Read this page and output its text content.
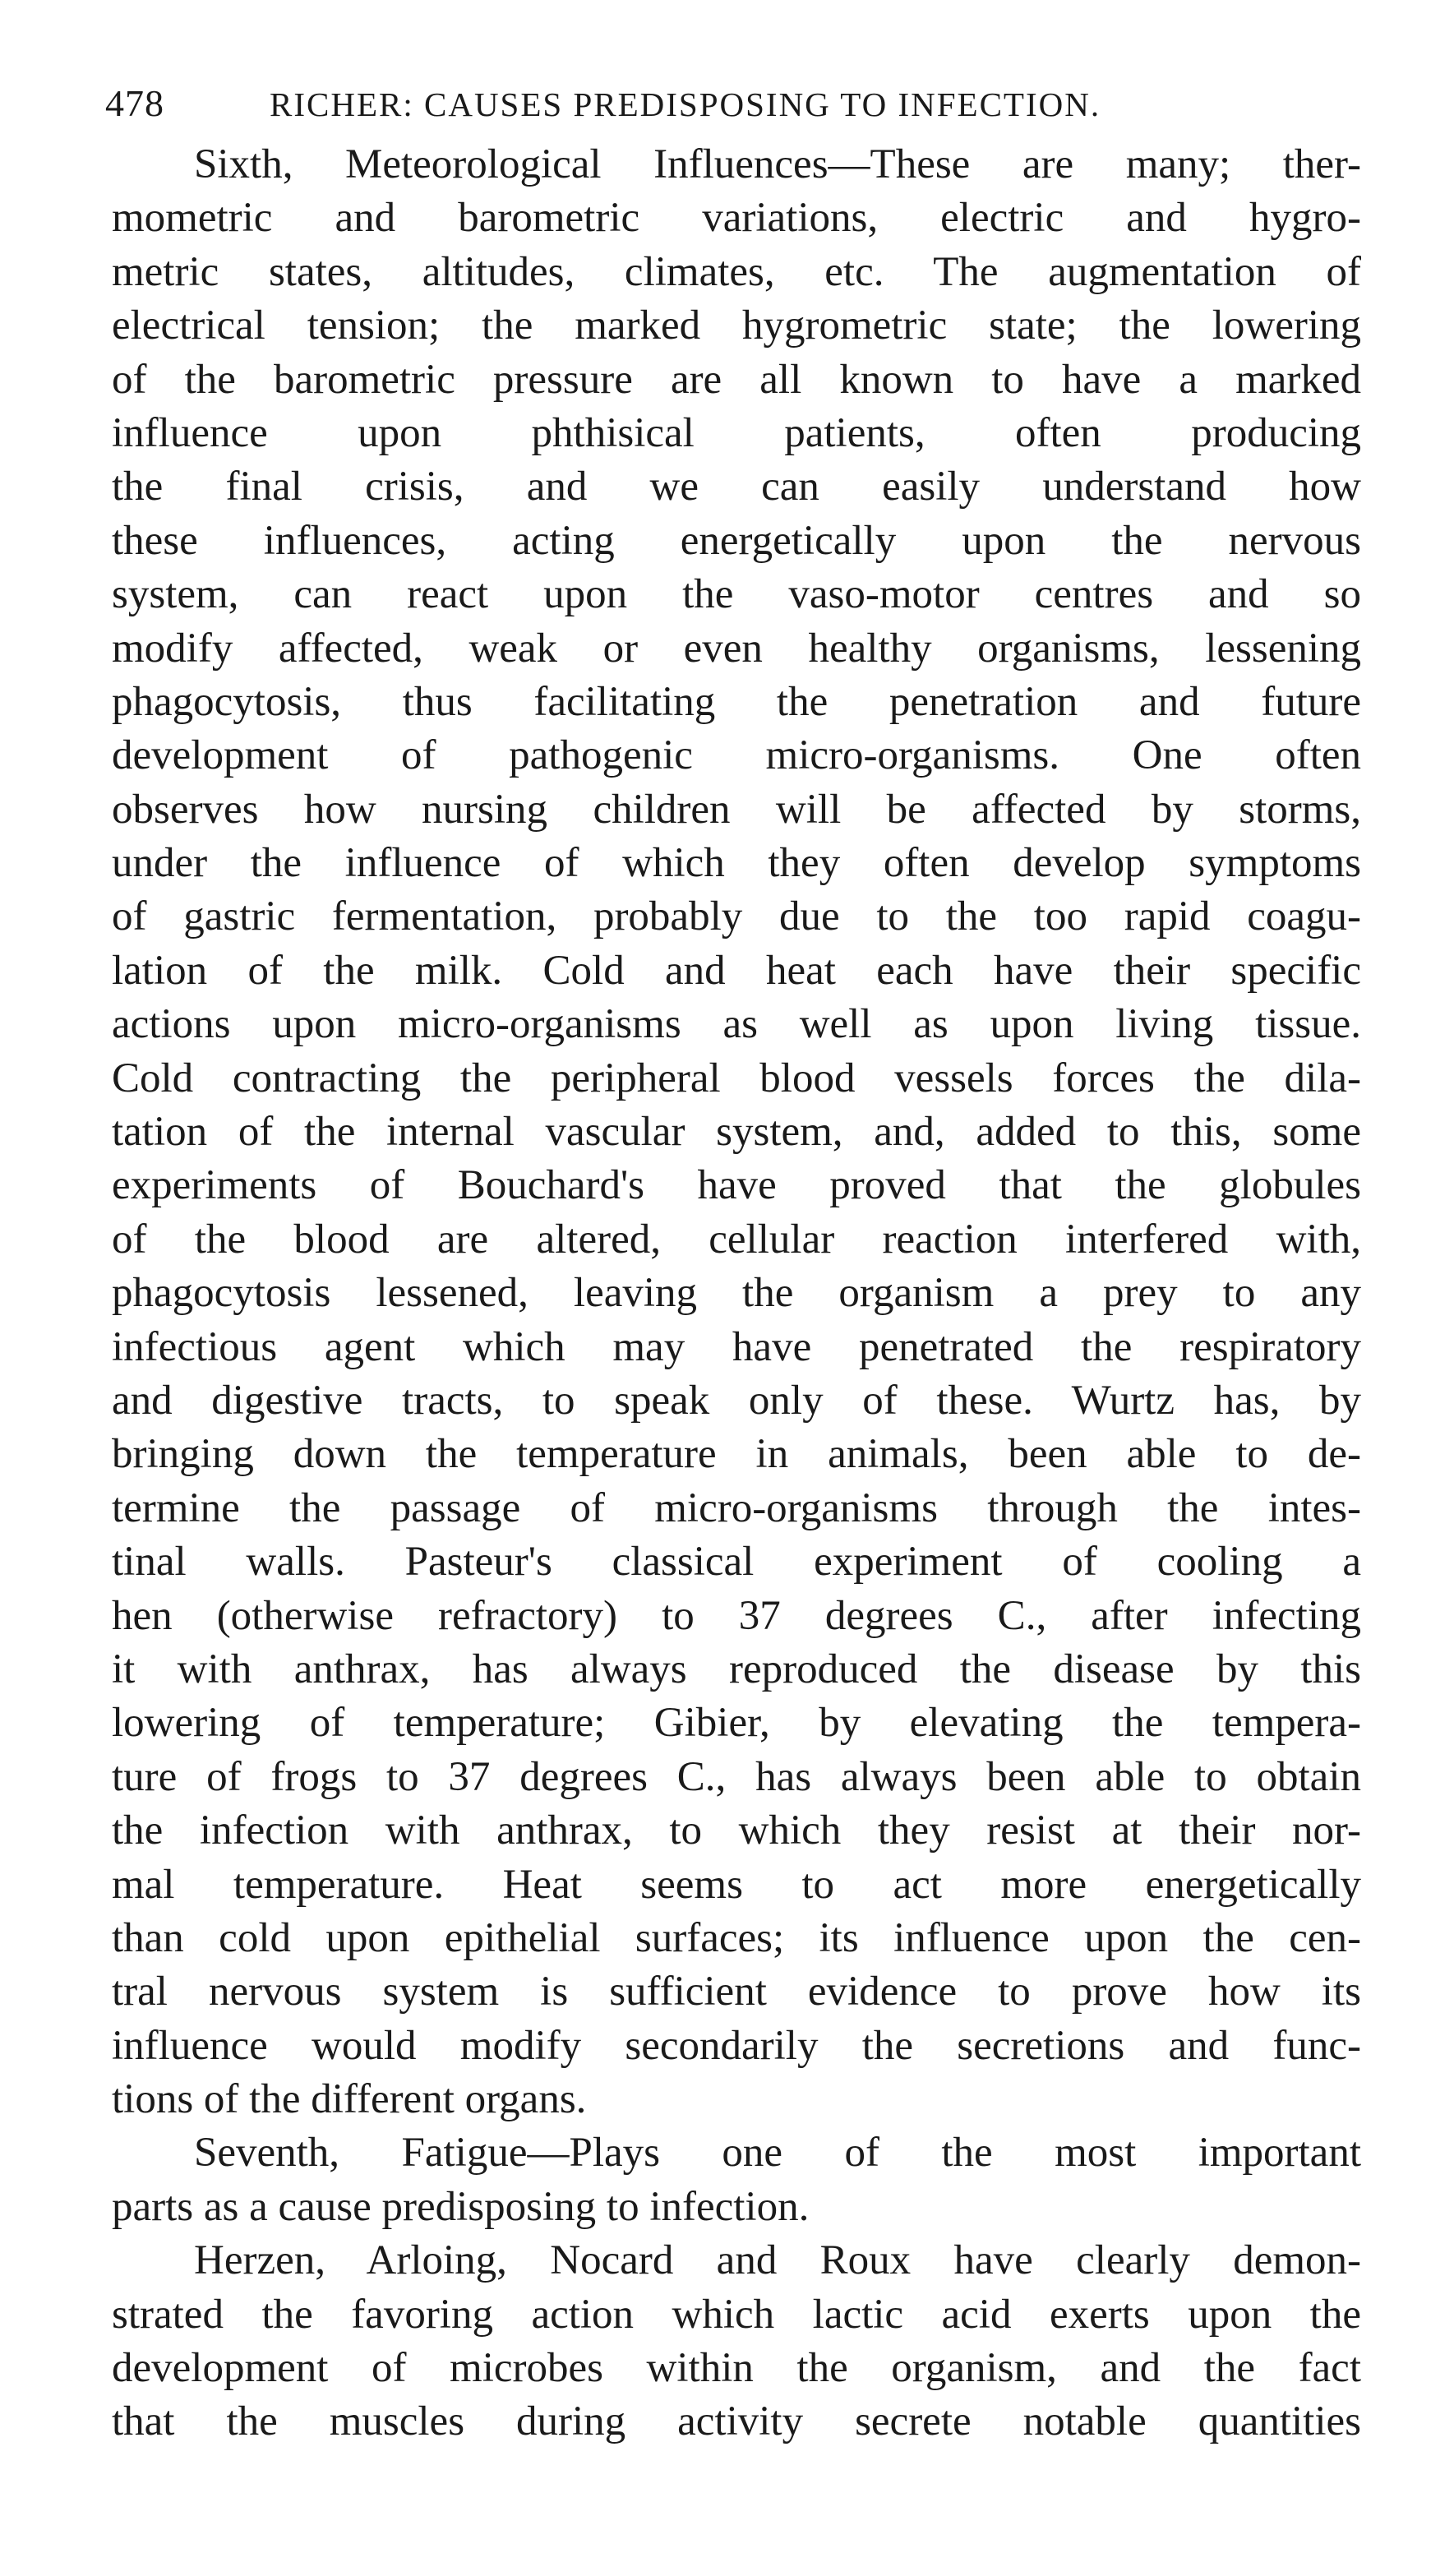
478	RICHER: CAUSES PREDISPOSING TO INFECTION.
Sixth, Meteorological Influences—These are many; ther-
mometric and barometric variations, electric and hygro-
metric states, altitudes, climates, etc. The augmentation of
electrical tension; the marked hygrometric state; the lowering
of the barometric pressure are all known to have a marked
influence upon phthisical patients, often producing
the final crisis, and we can easily understand how
these influences, acting energetically upon the nervous
system, can react upon the vaso-motor centres and so
modify affected, weak or even healthy organisms, lessening
phagocytosis, thus facilitating the penetration and future
development of pathogenic micro-organisms. One often
observes how nursing children will be affected by storms,
under the influence of which they often develop symptoms
of gastric fermentation, probably due to the too rapid coagu-
lation of the milk. Cold and heat each have their specific
actions upon micro-organisms as well as upon living tissue.
Cold contracting the peripheral blood vessels forces the dila-
tation of the internal vascular system, and, added to this, some
experiments of Bouchard's have proved that the globules
of the blood are altered, cellular reaction interfered with,
phagocytosis lessened, leaving the organism a prey to any
infectious agent which may have penetrated the respiratory
and digestive tracts, to speak only of these. Wurtz has, by
bringing down the temperature in animals, been able to de-
termine the passage of micro-organisms through the intes-
tinal walls. Pasteur's classical experiment of cooling a
hen (otherwise refractory) to 37 degrees C., after infecting
it with anthrax, has always reproduced the disease by this
lowering of temperature; Gibier, by elevating the tempera-
ture of frogs to 37 degrees C., has always been able to obtain
the infection with anthrax, to which they resist at their nor-
mal temperature. Heat seems to act more energetically
than cold upon epithelial surfaces; its influence upon the cen-
tral nervous system is sufficient evidence to prove how its
influence would modify secondarily the secretions and func-
tions of the different organs.
Seventh, Fatigue—Plays one of the most important
parts as a cause predisposing to infection.
Herzen, Arloing, Nocard and Roux have clearly demon-
strated the favoring action which lactic acid exerts upon the
development of microbes within the organism, and the fact
that the muscles during activity secrete notable quantities
